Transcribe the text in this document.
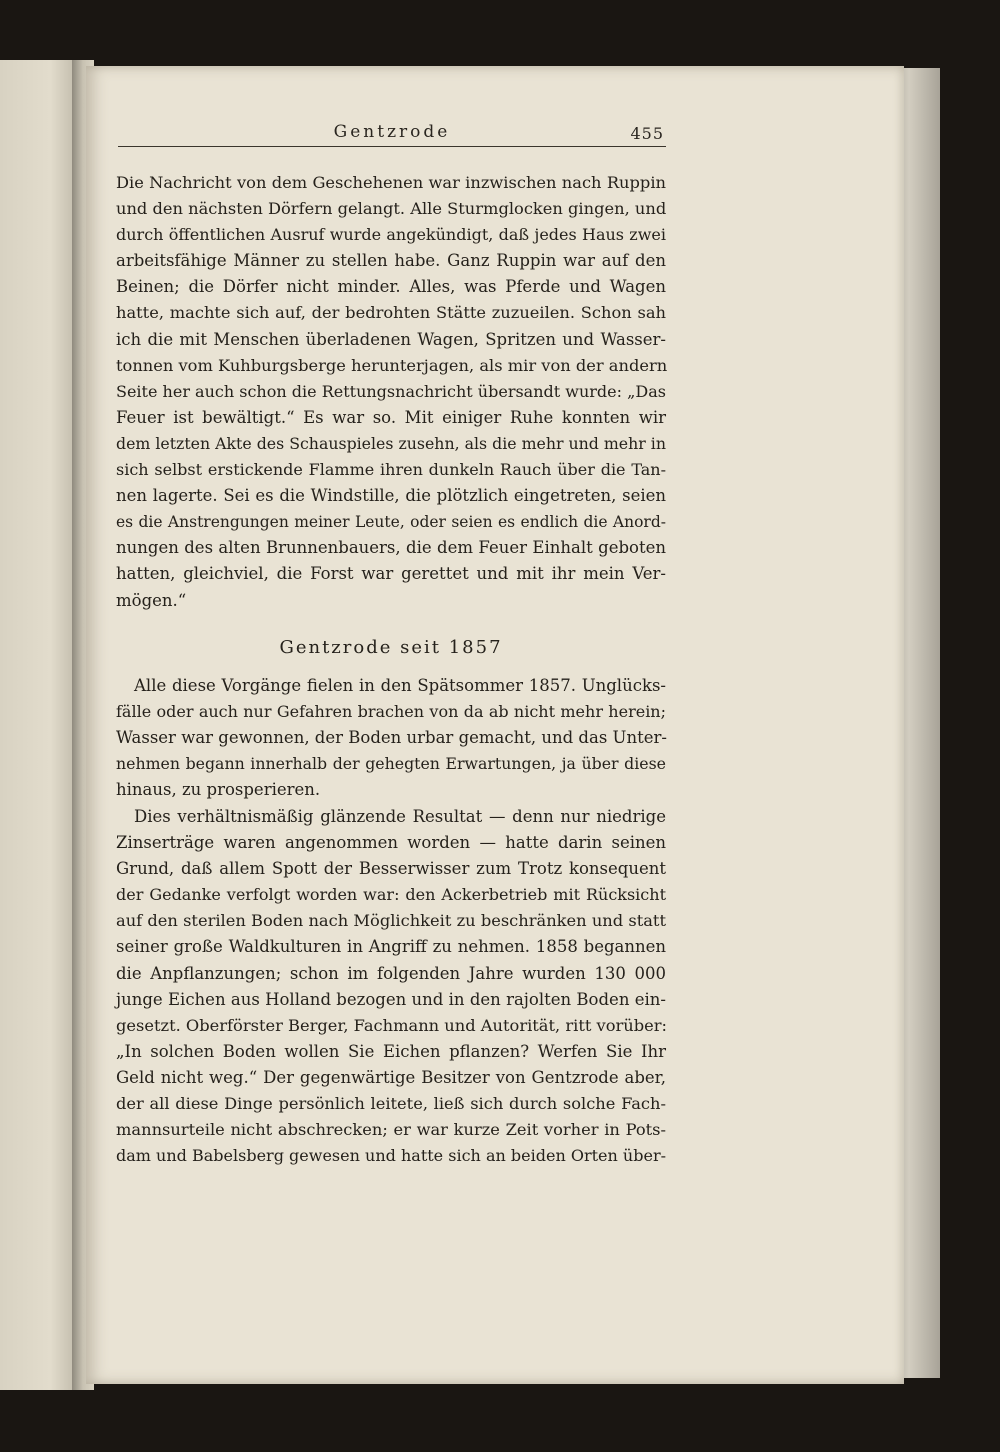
Gentzrode	455
Die Nachricht von dem Geschehenen war inzwischen nach Ruppin
und den nächsten Dörfern gelangt. Alle Sturmglocken gingen, und
durch öffentlichen Ausruf wurde angekündigt, daß jedes Haus zwei
arbeitsfähige Männer zu stellen habe. Ganz Ruppin war auf den
Beinen; die Dörfer nicht minder. Alles, was Pferde und Wagen
hatte, machte sich auf, der bedrohten Stätte zuzueilen. Schon sah
ich die mit Menschen überladenen Wagen, Spritzen und Wasser-
tonnen vom Kuhburgsberge herunterjagen, als mir von der andern
Seite her auch schon die Rettungsnachricht übersandt wurde: „Das
Feuer ist bewältigt.“ Es war so. Mit einiger Ruhe konnten wir
dem letzten Akte des Schauspieles zusehn, als die mehr und mehr in
sich selbst erstickende Flamme ihren dunkeln Rauch über die Tan-
nen lagerte. Sei es die Windstille, die plötzlich eingetreten, seien
es die Anstrengungen meiner Leute, oder seien es endlich die Anord-
nungen des alten Brunnenbauers, die dem Feuer Einhalt geboten
hatten, gleichviel, die Forst war gerettet und mit ihr mein Ver-
mögen.“
Gentzrode seit 1857
Alle diese Vorgänge fielen in den Spätsommer 1857. Unglücks-
fälle oder auch nur Gefahren brachen von da ab nicht mehr herein;
Wasser war gewonnen, der Boden urbar gemacht, und das Unter-
nehmen begann innerhalb der gehegten Erwartungen, ja über diese
hinaus, zu prosperieren.
Dies verhältnismäßig glänzende Resultat — denn nur niedrige
Zinserträge waren angenommen worden — hatte darin seinen
Grund, daß allem Spott der Besserwisser zum Trotz konsequent
der Gedanke verfolgt worden war: den Ackerbetrieb mit Rücksicht
auf den sterilen Boden nach Möglichkeit zu beschränken und statt
seiner große Waldkulturen in Angriff zu nehmen. 1858 begannen
die Anpflanzungen; schon im folgenden Jahre wurden 130 000
junge Eichen aus Holland bezogen und in den rajolten Boden ein-
gesetzt. Oberförster Berger, Fachmann und Autorität, ritt vorüber:
„In solchen Boden wollen Sie Eichen pflanzen? Werfen Sie Ihr
Geld nicht weg.“ Der gegenwärtige Besitzer von Gentzrode aber,
der all diese Dinge persönlich leitete, ließ sich durch solche Fach-
mannsurteile nicht abschrecken; er war kurze Zeit vorher in Pots-
dam und Babelsberg gewesen und hatte sich an beiden Orten über-
